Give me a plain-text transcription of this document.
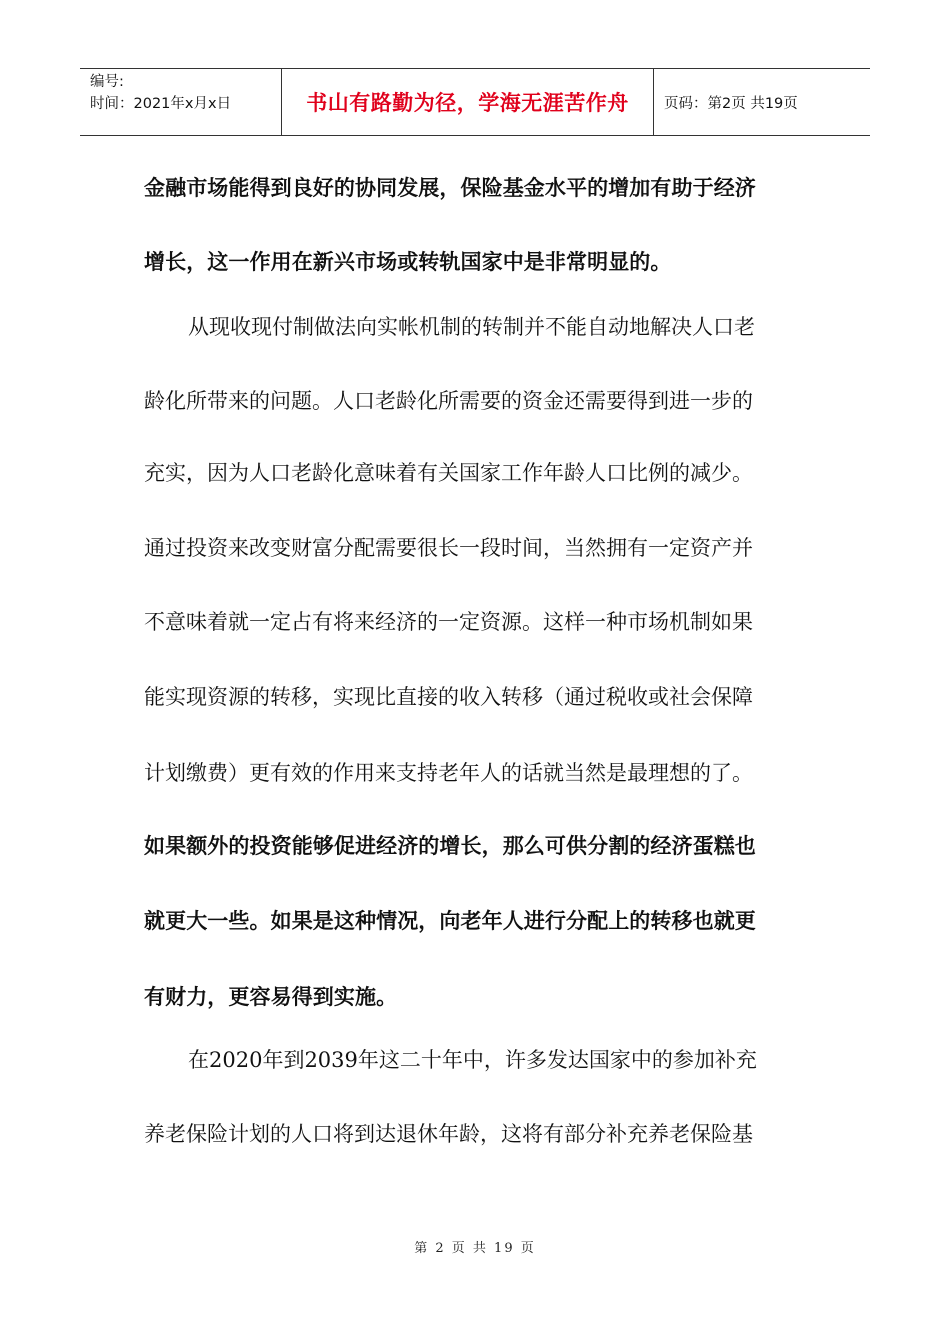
编号:
时间：2021年x月x日	书山有路勤为径，学海无涯苦作舟 页码：第2页 共19页
金融市场能得到良好的协同发展，保险基金水平的增加有助于经济
增长，这一作用在新兴市场或转轨国家中是非常明显的。
从现收现付制做法向实帐机制的转制并不能自动地解决人口老
龄化所带来的问题。人口老龄化所需要的资金还需要得到进一步的
充实，因为人口老龄化意味着有关国家工作年龄人口比例的减少。
通过投资来改变财富分配需要很长一段时间，当然拥有一定资产并
不意味着就一定占有将来经济的一定资源。这样一种市场机制如果
能实现资源的转移，实现比直接的收入转移（通过税收或社会保障
计划缴费）更有效的作用来支持老年人的话就当然是最理想的了。
如果额外的投资能够促进经济的增长，那么可供分割的经济蛋糕也
就更大一些。如果是这种情况，向老年人进行分配上的转移也就更
有财力，更容易得到实施。
在2020年到2039年这二十年中，许多发达国家中的参加补充
养老保险计划的人口将到达退休年龄，这将有部分补充养老保险基
第 2 页 共 19 页
